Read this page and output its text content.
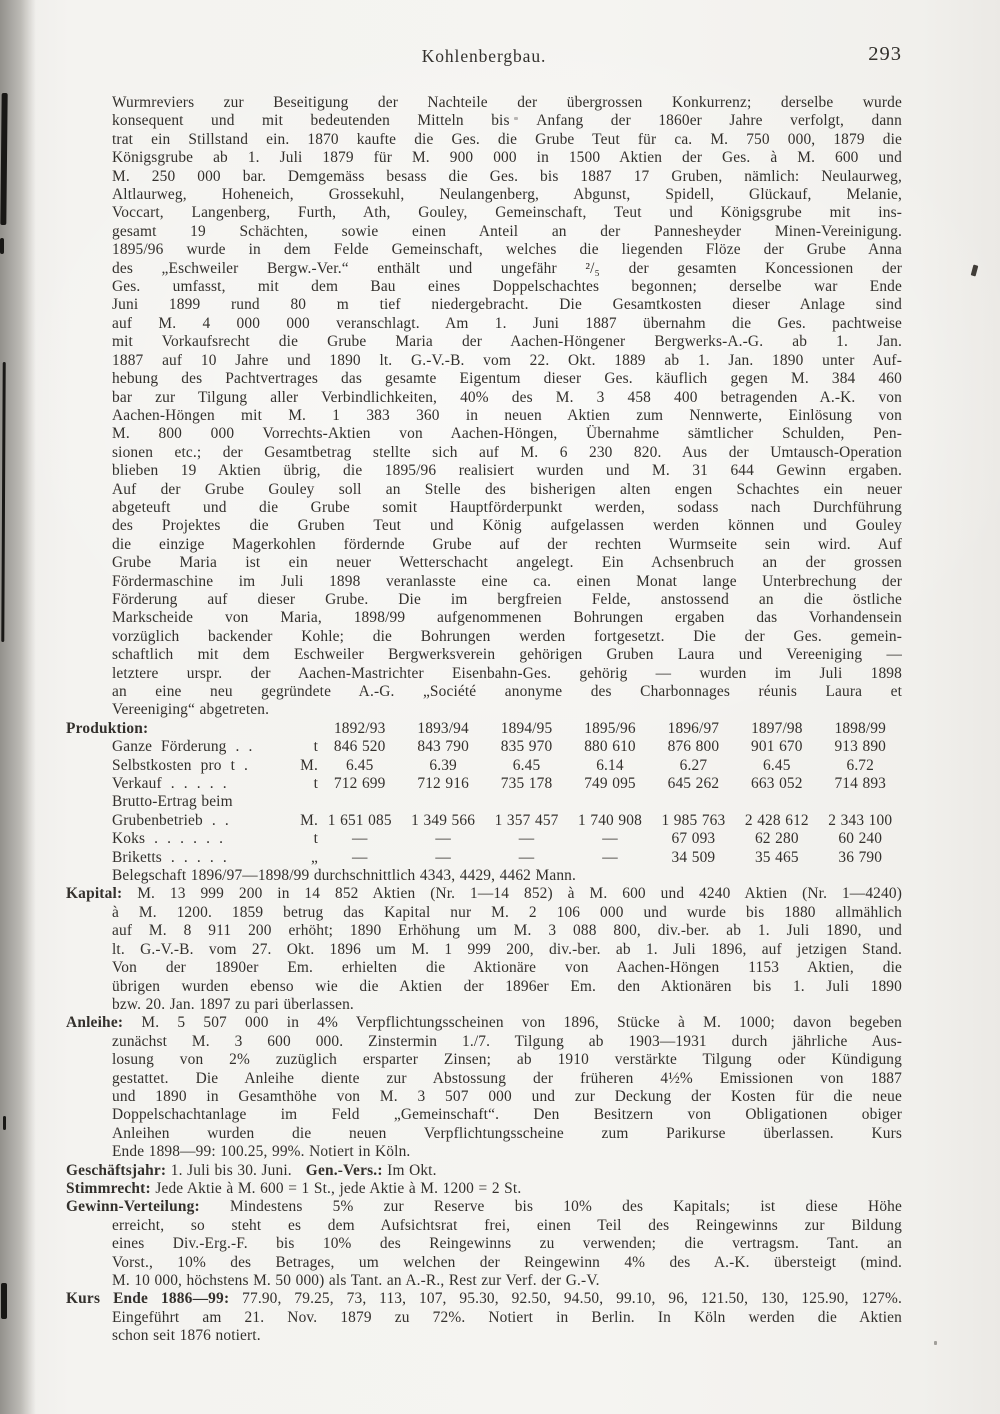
Kohlenbergbau.	293
Wurmreviers zur Beseitigung der Nachteile der übergrossen Konkurrenz; derselbe wurde
konsequent und mit bedeutenden Mitteln bis Anfang der 1860er Jahre verfolgt, dann
trat ein Stillstand ein. 1870 kaufte die Ges. die Grube Teut für ca. M. 750 000, 1879 die
Königsgrube ab 1. Juli 1879 für M. 900 000 in 1500 Aktien der Ges. à M. 600 und
M. 250 000 bar. Demgemäss besass die Ges. bis 1887 17 Gruben, nämlich: Neulaurweg,
Altlaurweg, Hoheneich, Grossekuhl, Neulangenberg, Abgunst, Spidell, Glückauf, Melanie,
Voccart, Langenberg, Furth, Ath, Gouley, Gemeinschaft, Teut und Königsgrube mit ins-
gesamt 19 Schächten, sowie einen Anteil an der Pannesheyder Minen-Vereinigung.
1895/96 wurde in dem Felde Gemeinschaft, welches die liegenden Flöze der Grube Anna
des „Eschweiler Bergw.-Ver.“ enthält und ungefähr ²/₅ der gesamten Koncessionen der
Ges. umfasst, mit dem Bau eines Doppelschachtes begonnen; derselbe war Ende
Juni 1899 rund 80 m tief niedergebracht. Die Gesamtkosten dieser Anlage sind
auf M. 4 000 000 veranschlagt. Am 1. Juni 1887 übernahm die Ges. pachtweise
mit Vorkaufsrecht die Grube Maria der Aachen-Höngener Bergwerks-A.-G. ab 1. Jan.
1887 auf 10 Jahre und 1890 lt. G.-V.-B. vom 22. Okt. 1889 ab 1. Jan. 1890 unter Auf-
hebung des Pachtvertrages das gesamte Eigentum dieser Ges. käuflich gegen M. 384 460
bar zur Tilgung aller Verbindlichkeiten, 40% des M. 3 458 400 betragenden A.-K. von
Aachen-Höngen mit M. 1 383 360 in neuen Aktien zum Nennwerte, Einlösung von
M. 800 000 Vorrechts-Aktien von Aachen-Höngen, Übernahme sämtlicher Schulden, Pen-
sionen etc.; der Gesamtbetrag stellte sich auf M. 6 230 820. Aus der Umtausch-Operation
blieben 19 Aktien übrig, die 1895/96 realisiert wurden und M. 31 644 Gewinn ergaben.
Auf der Grube Gouley soll an Stelle des bisherigen alten engen Schachtes ein neuer
abgeteuft und die Grube somit Hauptförderpunkt werden, sodass nach Durchführung
des Projektes die Gruben Teut und König aufgelassen werden können und Gouley
die einzige Magerkohlen fördernde Grube auf der rechten Wurmseite sein wird. Auf
Grube Maria ist ein neuer Wetterschacht angelegt. Ein Achsenbruch an der grossen
Fördermaschine im Juli 1898 veranlasste eine ca. einen Monat lange Unterbrechung der
Förderung auf dieser Grube. Die im bergfreien Felde, anstossend an die östliche
Markscheide von Maria, 1898/99 aufgenommenen Bohrungen ergaben das Vorhandensein
vorzüglich backender Kohle; die Bohrungen werden fortgesetzt. Die der Ges. gemein-
schaftlich mit dem Eschweiler Bergwerksverein gehörigen Gruben Laura und Vereeniging —
letztere urspr. der Aachen-Mastrichter Eisenbahn-Ges. gehörig — wurden im Juli 1898
an eine neu gegründete A.-G. „Société anonyme des Charbonnages réunis Laura et
Vereeniging“ abgetreten.
Produktion:	1892/93	1893/94	1894/95	1895/96	1896/97	1897/98	1898/99
Ganze Förderung . .	t	846 520	843 790	835 970	880 610	876 800	901 670	913 890
Selbstkosten pro t .	M.	6.45	6.39	6.45	6.14	6.27	6.45	6.72
Verkauf . . . . .	t	712 699	712 916	735 178	749 095	645 262	663 052	714 893
Brutto-Ertrag beim
Grubenbetrieb . .	M. 1 651 085	1 349 566	1 357 457	1 740 908	1 985 763	2 428 612	2 343 100
Koks . . . . . .	t	—	—	—	—	67 093	62 280	60 240
Briketts . . . . .	„	—	—	—	—	34 509	35 465	36 790
Belegschaft 1896/97—1898/99 durchschnittlich 4343, 4429, 4462 Mann.
Kapital: M. 13 999 200 in 14 852 Aktien (Nr. 1—14 852) à M. 600 und 4240 Aktien (Nr. 1—4240)
à M. 1200. 1859 betrug das Kapital nur M. 2 106 000 und wurde bis 1880 allmählich
auf M. 8 911 200 erhöht; 1890 Erhöhung um M. 3 088 800, div.-ber. ab 1. Juli 1890, und
lt. G.-V.-B. vom 27. Okt. 1896 um M. 1 999 200, div.-ber. ab 1. Juli 1896, auf jetzigen Stand.
Von der 1890er Em. erhielten die Aktionäre von Aachen-Höngen 1153 Aktien, die
übrigen wurden ebenso wie die Aktien der 1896er Em. den Aktionären bis 1. Juli 1890
bzw. 20. Jan. 1897 zu pari überlassen.
Anleihe: M. 5 507 000 in 4% Verpflichtungsscheinen von 1896, Stücke à M. 1000; davon begeben
zunächst M. 3 600 000. Zinstermin 1./7. Tilgung ab 1903—1931 durch jährliche Aus-
losung von 2% zuzüglich ersparter Zinsen; ab 1910 verstärkte Tilgung oder Kündigung
gestattet. Die Anleihe diente zur Abstossung der früheren 4½% Emissionen von 1887
und 1890 in Gesamthöhe von M. 3 507 000 und zur Deckung der Kosten für die neue
Doppelschachtanlage im Feld „Gemeinschaft“. Den Besitzern von Obligationen obiger
Anleihen wurden die neuen Verpflichtungsscheine zum Parikurse überlassen. Kurs
Ende 1898—99: 100.25, 99%. Notiert in Köln.
Geschäftsjahr: 1. Juli bis 30. Juni. Gen.-Vers.: Im Okt.
Stimmrecht: Jede Aktie à M. 600 = 1 St., jede Aktie à M. 1200 = 2 St.
Gewinn-Verteilung: Mindestens 5% zur Reserve bis 10% des Kapitals; ist diese Höhe
erreicht, so steht es dem Aufsichtsrat frei, einen Teil des Reingewinns zur Bildung
eines Div.-Erg.-F. bis 10% des Reingewinns zu verwenden; die vertragsm. Tant. an
Vorst., 10% des Betrages, um welchen der Reingewinn 4% des A.-K. übersteigt (mind.
M. 10 000, höchstens M. 50 000) als Tant. an A.-R., Rest zur Verf. der G.-V.
Kurs Ende 1886—99: 77.90, 79.25, 73, 113, 107, 95.30, 92.50, 94.50, 99.10, 96, 121.50, 130, 125.90, 127%.
Eingeführt am 21. Nov. 1879 zu 72%. Notiert in Berlin. In Köln werden die Aktien
schon seit 1876 notiert.
